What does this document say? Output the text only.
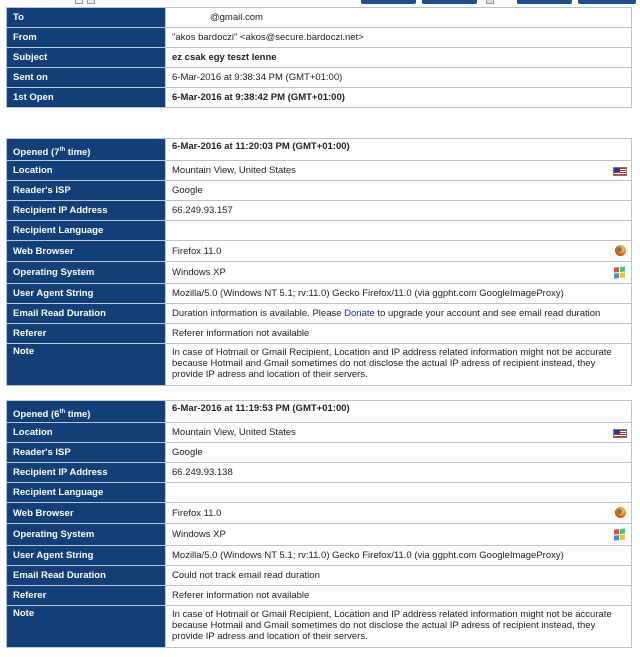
To	@gmail.com
From	"akos bardoczi" <akos@secure.bardoczi.net>
Subject	ez csak egy teszt lenne
Sent on	6-Mar-2016 at 9:38:34 PM (GMT+01:00)
1st Open	6-Mar-2016 at 9:38:42 PM (GMT+01:00)
Opened (7th time)	6-Mar-2016 at 11:20:03 PM (GMT+01:00)
Location	Mountain View, United States

Reader's ISP	Google
Recipient IP Address	66.249.93.157
Recipient Language	
Web Browser	Firefox 11.0

Operating System	Windows XP

User Agent String	Mozilla/5.0 (Windows NT 5.1; rv:11.0) Gecko Firefox/11.0 (via ggpht.com GoogleImageProxy)
Email Read Duration	Duration information is available. Please Donate to upgrade your account and see email read duration
Referer	Referer information not available
Note	In case of Hotmail or Gmail Recipient, Location and IP address related information might not be accurate because Hotmail and Gmail sometimes do not disclose the actual IP adress of recipient instead, they provide IP adress and location of their servers.
Opened (6th time)	6-Mar-2016 at 11:19:53 PM (GMT+01:00)
Location	Mountain View, United States

Reader's ISP	Google
Recipient IP Address	66.249.93.138
Recipient Language	
Web Browser	Firefox 11.0

Operating System	Windows XP

User Agent String	Mozilla/5.0 (Windows NT 5.1; rv:11.0) Gecko Firefox/11.0 (via ggpht.com GoogleImageProxy)
Email Read Duration	Could not track email read duration
Referer	Referer information not available
Note	In case of Hotmail or Gmail Recipient, Location and IP address related information might not be accurate because Hotmail and Gmail sometimes do not disclose the actual IP adress of recipient instead, they provide IP adress and location of their servers.
